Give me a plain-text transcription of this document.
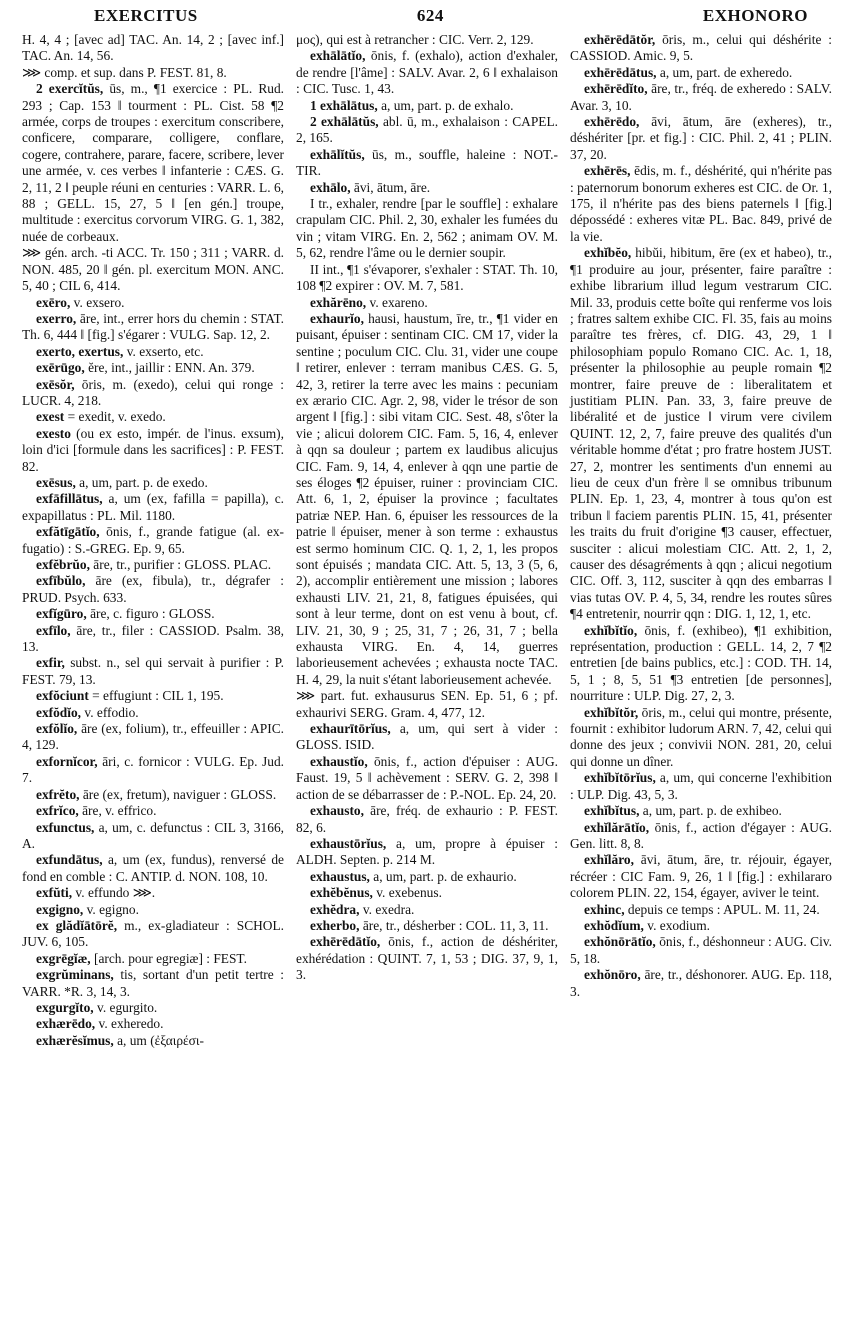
EXERCITUS	624	EXHONORO

H. 4, 4 ; [avec ad] TAC. An. 14, 2 ; [avec inf.] TAC. An. 14, 56.

⋙ comp. et sup. dans P. FEST. 81, 8.

2 exercĭtŭs, ūs, m., ¶1 exercice : PL. Rud. 293 ; Cap. 153 ‖ tourment : PL. Cist. 58 ¶2 armée, corps de troupes : exercitum conscribere, conficere, comparare, colligere, conflare, cogere, contrahere, parare, facere, scribere, lever une armée, v. ces verbes ‖ infanterie : CÆS. G. 2, 11, 2 ‖ peuple réuni en centuries : VARR. L. 6, 88 ; GELL. 15, 27, 5 ‖ [en gén.] troupe, multitude : exercitus corvorum VIRG. G. 1, 382, nuée de corbeaux.

⋙ gén. arch. -ti ACC. Tr. 150 ; 311 ; VARR. d. NON. 485, 20 ‖ gén. pl. exercitum MON. ANC. 5, 40 ; CIL 6, 414.

exēro, v. exsero.

exerro, āre, int., errer hors du chemin : STAT. Th. 6, 444 ‖ [fig.] s'égarer : VULG. Sap. 12, 2.

exerto, exertus, v. exserto, etc.

exērūgo, ĕre, int., jaillir : ENN. An. 379.

exēsŏr, ōris, m. (exedo), celui qui ronge : LUCR. 4, 218.

exest = exedit, v. exedo.

exesto (ou ex esto, impér. de l'inus. exsum), loin d'ici [formule dans les sacrifices] : P. FEST. 82.

exēsus, a, um, part. p. de exedo.

exfāfillātus, a, um (ex, fafilla = papilla), c. expapillatus : PL. Mil. 1180.

exfătīgātĭo, ōnis, f., grande fatigue (al. ex-fugatio) : S.-GREG. Ep. 9, 65.

exfĕbrŭo, āre, tr., purifier : GLOSS. PLAC.

exfībŭlo, āre (ex, fibula), tr., dégrafer : PRUD. Psych. 633.

exfĭgūro, āre, c. figuro : GLOSS.

exfīlo, āre, tr., filer : CASSIOD. Psalm. 38, 13.

exfir, subst. n., sel qui servait à purifier : P. FEST. 79, 13.

exfŏciunt = effugiunt : CIL 1, 195.

exfŏdĭo, v. effodio.

exfŏlĭo, āre (ex, folium), tr., effeuiller : APIC. 4, 129.

exfornĭcor, āri, c. fornicor : VULG. Ep. Jud. 7.

exfrĕto, āre (ex, fretum), naviguer : GLOSS.

exfrĭco, āre, v. effrico.

exfunctus, a, um, c. defunctus : CIL 3, 3166, A.

exfundātus, a, um (ex, fundus), renversé de fond en comble : C. ANTIP. d. NON. 108, 10.

exfŭti, v. effundo ⋙.

exgigno, v. egigno.

ex glădĭātōrĕ, m., ex-gladiateur : SCHOL. JUV. 6, 105.

exgrēgĭæ, [arch. pour egregiæ] : FEST.

exgrŭminans, tis, sortant d'un petit tertre : VARR. *R. 3, 14, 3.

exgurgĭto, v. egurgito.

exhærēdo, v. exheredo.

exhærĕsĭmus, a, um (ἐξαιρέσι-

μος), qui est à retrancher : CIC. Verr. 2, 129.

exhālātĭo, ōnis, f. (exhalo), action d'exhaler, de rendre [l'âme] : SALV. Avar. 2, 6 ‖ exhalaison : CIC. Tusc. 1, 43.

1 exhālātus, a, um, part. p. de exhalo.

2 exhālātŭs, abl. ū, m., exhalaison : CAPEL. 2, 165.

exhālĭtŭs, ūs, m., souffle, haleine : NOT.-TIR.

exhālo, āvi, ātum, āre.

I tr., exhaler, rendre [par le souffle] : exhalare crapulam CIC. Phil. 2, 30, exhaler les fumées du vin ; vitam VIRG. En. 2, 562 ; animam OV. M. 5, 62, rendre l'âme ou le dernier soupir.

II int., ¶1 s'évaporer, s'exhaler : STAT. Th. 10, 108 ¶2 expirer : OV. M. 7, 581.

exhărēno, v. exareno.

exhaurĭo, hausi, haustum, īre, tr., ¶1 vider en puisant, épuiser : sentinam CIC. CM 17, vider la sentine ; poculum CIC. Clu. 31, vider une coupe ‖ retirer, enlever : terram manibus CÆS. G. 5, 42, 3, retirer la terre avec les mains : pecuniam ex ærario CIC. Agr. 2, 98, vider le trésor de son argent ‖ [fig.] : sibi vitam CIC. Sest. 48, s'ôter la vie ; alicui dolorem CIC. Fam. 5, 16, 4, enlever à qqn sa douleur ; partem ex laudibus alicujus CIC. Fam. 9, 14, 4, enlever à qqn une partie de ses éloges ¶2 épuiser, ruiner : provinciam CIC. Att. 6, 1, 2, épuiser la province ; facultates patriæ NEP. Han. 6, épuiser les ressources de la patrie ‖ épuiser, mener à son terme : exhaustus est sermo hominum CIC. Q. 1, 2, 1, les propos sont épuisés ; mandata CIC. Att. 5, 13, 3 (5, 6, 2), accomplir entièrement une mission ; labores exhausti LIV. 21, 21, 8, fatigues épuisées, qui sont à leur terme, dont on est venu à bout, cf. LIV. 21, 30, 9 ; 25, 31, 7 ; 26, 31, 7 ; bella exhausta VIRG. En. 4, 14, guerres laborieusement achevées ; exhausta nocte TAC. H. 4, 29, la nuit s'étant laborieusement achevée.

⋙ part. fut. exhausurus SEN. Ep. 51, 6 ; pf. exhaurivi SERG. Gram. 4, 477, 12.

exhaurītōrĭus, a, um, qui sert à vider : GLOSS. ISID.

exhaustĭo, ōnis, f., action d'épuiser : AUG. Faust. 19, 5 ‖ achèvement : SERV. G. 2, 398 ‖ action de se débarrasser de : P.-NOL. Ep. 24, 20.

exhausto, āre, fréq. de exhaurio : P. FEST. 82, 6.

exhaustōrĭus, a, um, propre à épuiser : ALDH. Septen. p. 214 M.

exhaustus, a, um, part. p. de exhaurio.

exhĕbĕnus, v. exebenus.

exhĕdra, v. exedra.

exherbo, āre, tr., désherber : COL. 11, 3, 11.

exhērēdātĭo, ōnis, f., action de déshériter, exhérédation : QUINT. 7, 1, 53 ; DIG. 37, 9, 1, 3.

exhērēdātŏr, ōris, m., celui qui déshérite : CASSIOD. Amic. 9, 5.

exhērēdātus, a, um, part. de exheredo.

exhērēdĭto, āre, tr., fréq. de exheredo : SALV. Avar. 3, 10.

exhērēdo, āvi, ātum, āre (exheres), tr., déshériter [pr. et fig.] : CIC. Phil. 2, 41 ; PLIN. 37, 20.

exhērēs, ēdis, m. f., déshérité, qui n'hérite pas : paternorum bonorum exheres est CIC. de Or. 1, 175, il n'hérite pas des biens paternels ‖ [fig.] dépossédé : exheres vitæ PL. Bac. 849, privé de la vie.

exhĭbĕo, hibŭi, hibitum, ēre (ex et habeo), tr., ¶1 produire au jour, présenter, faire paraître : exhibe librarium illud legum vestrarum CIC. Mil. 33, produis cette boîte qui renferme vos lois ; fratres saltem exhibe CIC. Fl. 35, fais au moins paraître tes frères, cf. DIG. 43, 29, 1 ‖ philosophiam populo Romano CIC. Ac. 1, 18, présenter la philosophie au peuple romain ¶2 montrer, faire preuve de : liberalitatem et justitiam PLIN. Pan. 33, 3, faire preuve de libéralité et de justice ‖ virum vere civilem QUINT. 12, 2, 7, faire preuve des qualités d'un véritable homme d'état ; pro fratre hostem JUST. 27, 2, montrer les sentiments d'un ennemi au lieu de ceux d'un frère ‖ se omnibus tribunum PLIN. Ep. 1, 23, 4, montrer à tous qu'on est tribun ‖ faciem parentis PLIN. 15, 41, présenter les traits du fruit d'origine ¶3 causer, effectuer, susciter : alicui molestiam CIC. Att. 2, 1, 2, causer des désagréments à qqn ; alicui negotium CIC. Off. 3, 112, susciter à qqn des embarras ‖ vias tutas OV. P. 4, 5, 34, rendre les routes sûres ¶4 entretenir, nourrir qqn : DIG. 1, 12, 1, etc.

exhĭbĭtĭo, ōnis, f. (exhibeo), ¶1 exhibition, représentation, production : GELL. 14, 2, 7 ¶2 entretien [de bains publics, etc.] : COD. TH. 14, 5, 1 ; 8, 5, 51 ¶3 entretien [de personnes], nourriture : ULP. Dig. 27, 2, 3.

exhĭbĭtŏr, ōris, m., celui qui montre, présente, fournit : exhibitor ludorum ARN. 7, 42, celui qui donne des jeux ; convivii NON. 281, 20, celui qui donne un dîner.

exhĭbĭtōrĭus, a, um, qui concerne l'exhibition : ULP. Dig. 43, 5, 3.

exhĭbĭtus, a, um, part. p. de exhibeo.

exhĭlărātĭo, ōnis, f., action d'égayer : AUG. Gen. litt. 8, 8.

exhĭlăro, āvi, ātum, āre, tr. réjouir, égayer, récréer : CIC Fam. 9, 26, 1 ‖ [fig.] : exhilararo colorem PLIN. 22, 154, égayer, aviver le teint.

exhinc, depuis ce temps : APUL. M. 11, 24.

exhŏdĭum, v. exodium.

exhŏnōrātĭo, ōnis, f., déshonneur : AUG. Civ. 5, 18.

exhŏnōro, āre, tr., déshonorer. AUG. Ep. 118, 3.
